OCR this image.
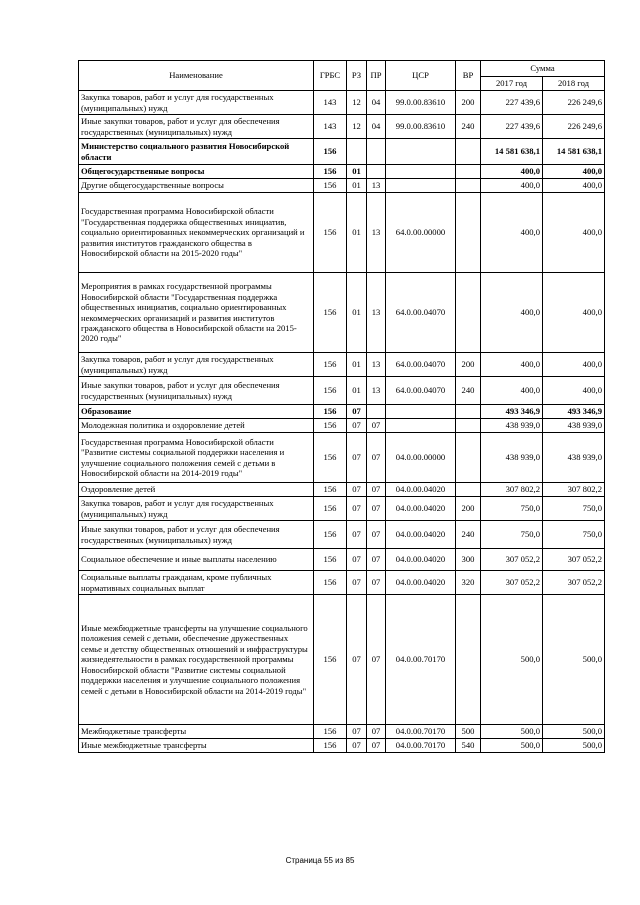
Наименование	ГРБС	РЗ	ПР	ЦСР	ВР	Сумма	
						2017 год	2018 год
Закупка товаров, работ и услуг для государственных (муниципальных) нужд	143	12	04	99.0.00.83610	200	227 439,6	226 249,6
Иные закупки товаров, работ и услуг для обеспечения государственных (муниципальных) нужд	143	12	04	99.0.00.83610	240	227 439,6	226 249,6
Министерство социального развития Новосибирской области	156					14 581 638,1	14 581 638,1
Общегосударственные вопросы	156	01				400,0	400,0
Другие общегосударственные вопросы	156	01	13			400,0	400,0
Государственная программа Новосибирской области "Государственная поддержка общественных инициатив, социально ориентированных некоммерческих организаций и развития институтов гражданского общества в Новосибирской области на 2015-2020 годы"	156	01	13	64.0.00.00000		400,0	400,0
Мероприятия в рамках государственной программы Новосибирской области "Государственная поддержка общественных инициатив, социально ориентированных некоммерческих организаций и развития институтов гражданского общества в Новосибирской области на 2015-2020 годы"	156	01	13	64.0.00.04070		400,0	400,0
Закупка товаров, работ и услуг для государственных (муниципальных) нужд	156	01	13	64.0.00.04070	200	400,0	400,0
Иные закупки товаров, работ и услуг для обеспечения государственных (муниципальных) нужд	156	01	13	64.0.00.04070	240	400,0	400,0
Образование	156	07				493 346,9	493 346,9
Молодежная политика и оздоровление детей	156	07	07			438 939,0	438 939,0
Государственная программа Новосибирской области "Развитие системы социальной поддержки населения и улучшение социального положения семей с детьми в Новосибирской области на 2014-2019 годы"	156	07	07	04.0.00.00000		438 939,0	438 939,0
Оздоровление детей	156	07	07	04.0.00.04020		307 802,2	307 802,2
Закупка товаров, работ и услуг для государственных (муниципальных) нужд	156	07	07	04.0.00.04020	200	750,0	750,0
Иные закупки товаров, работ и услуг для обеспечения государственных (муниципальных) нужд	156	07	07	04.0.00.04020	240	750,0	750,0
Социальное обеспечение и иные выплаты населению	156	07	07	04.0.00.04020	300	307 052,2	307 052,2
Социальные выплаты гражданам, кроме публичных нормативных социальных выплат	156	07	07	04.0.00.04020	320	307 052,2	307 052,2
Иные межбюджетные трансферты на улучшение социального положения семей с детьми, обеспечение дружественных семье и детству общественных отношений и инфраструктуры жизнедеятельности в рамках государственной программы Новосибирской области "Развитие системы социальной поддержки населения и улучшение социального положения семей с детьми в Новосибирской области на 2014-2019 годы"	156	07	07	04.0.00.70170		500,0	500,0
Межбюджетные трансферты	156	07	07	04.0.00.70170	500	500,0	500,0
Иные межбюджетные трансферты	156	07	07	04.0.00.70170	540	500,0	500,0
Страница 55 из 85
